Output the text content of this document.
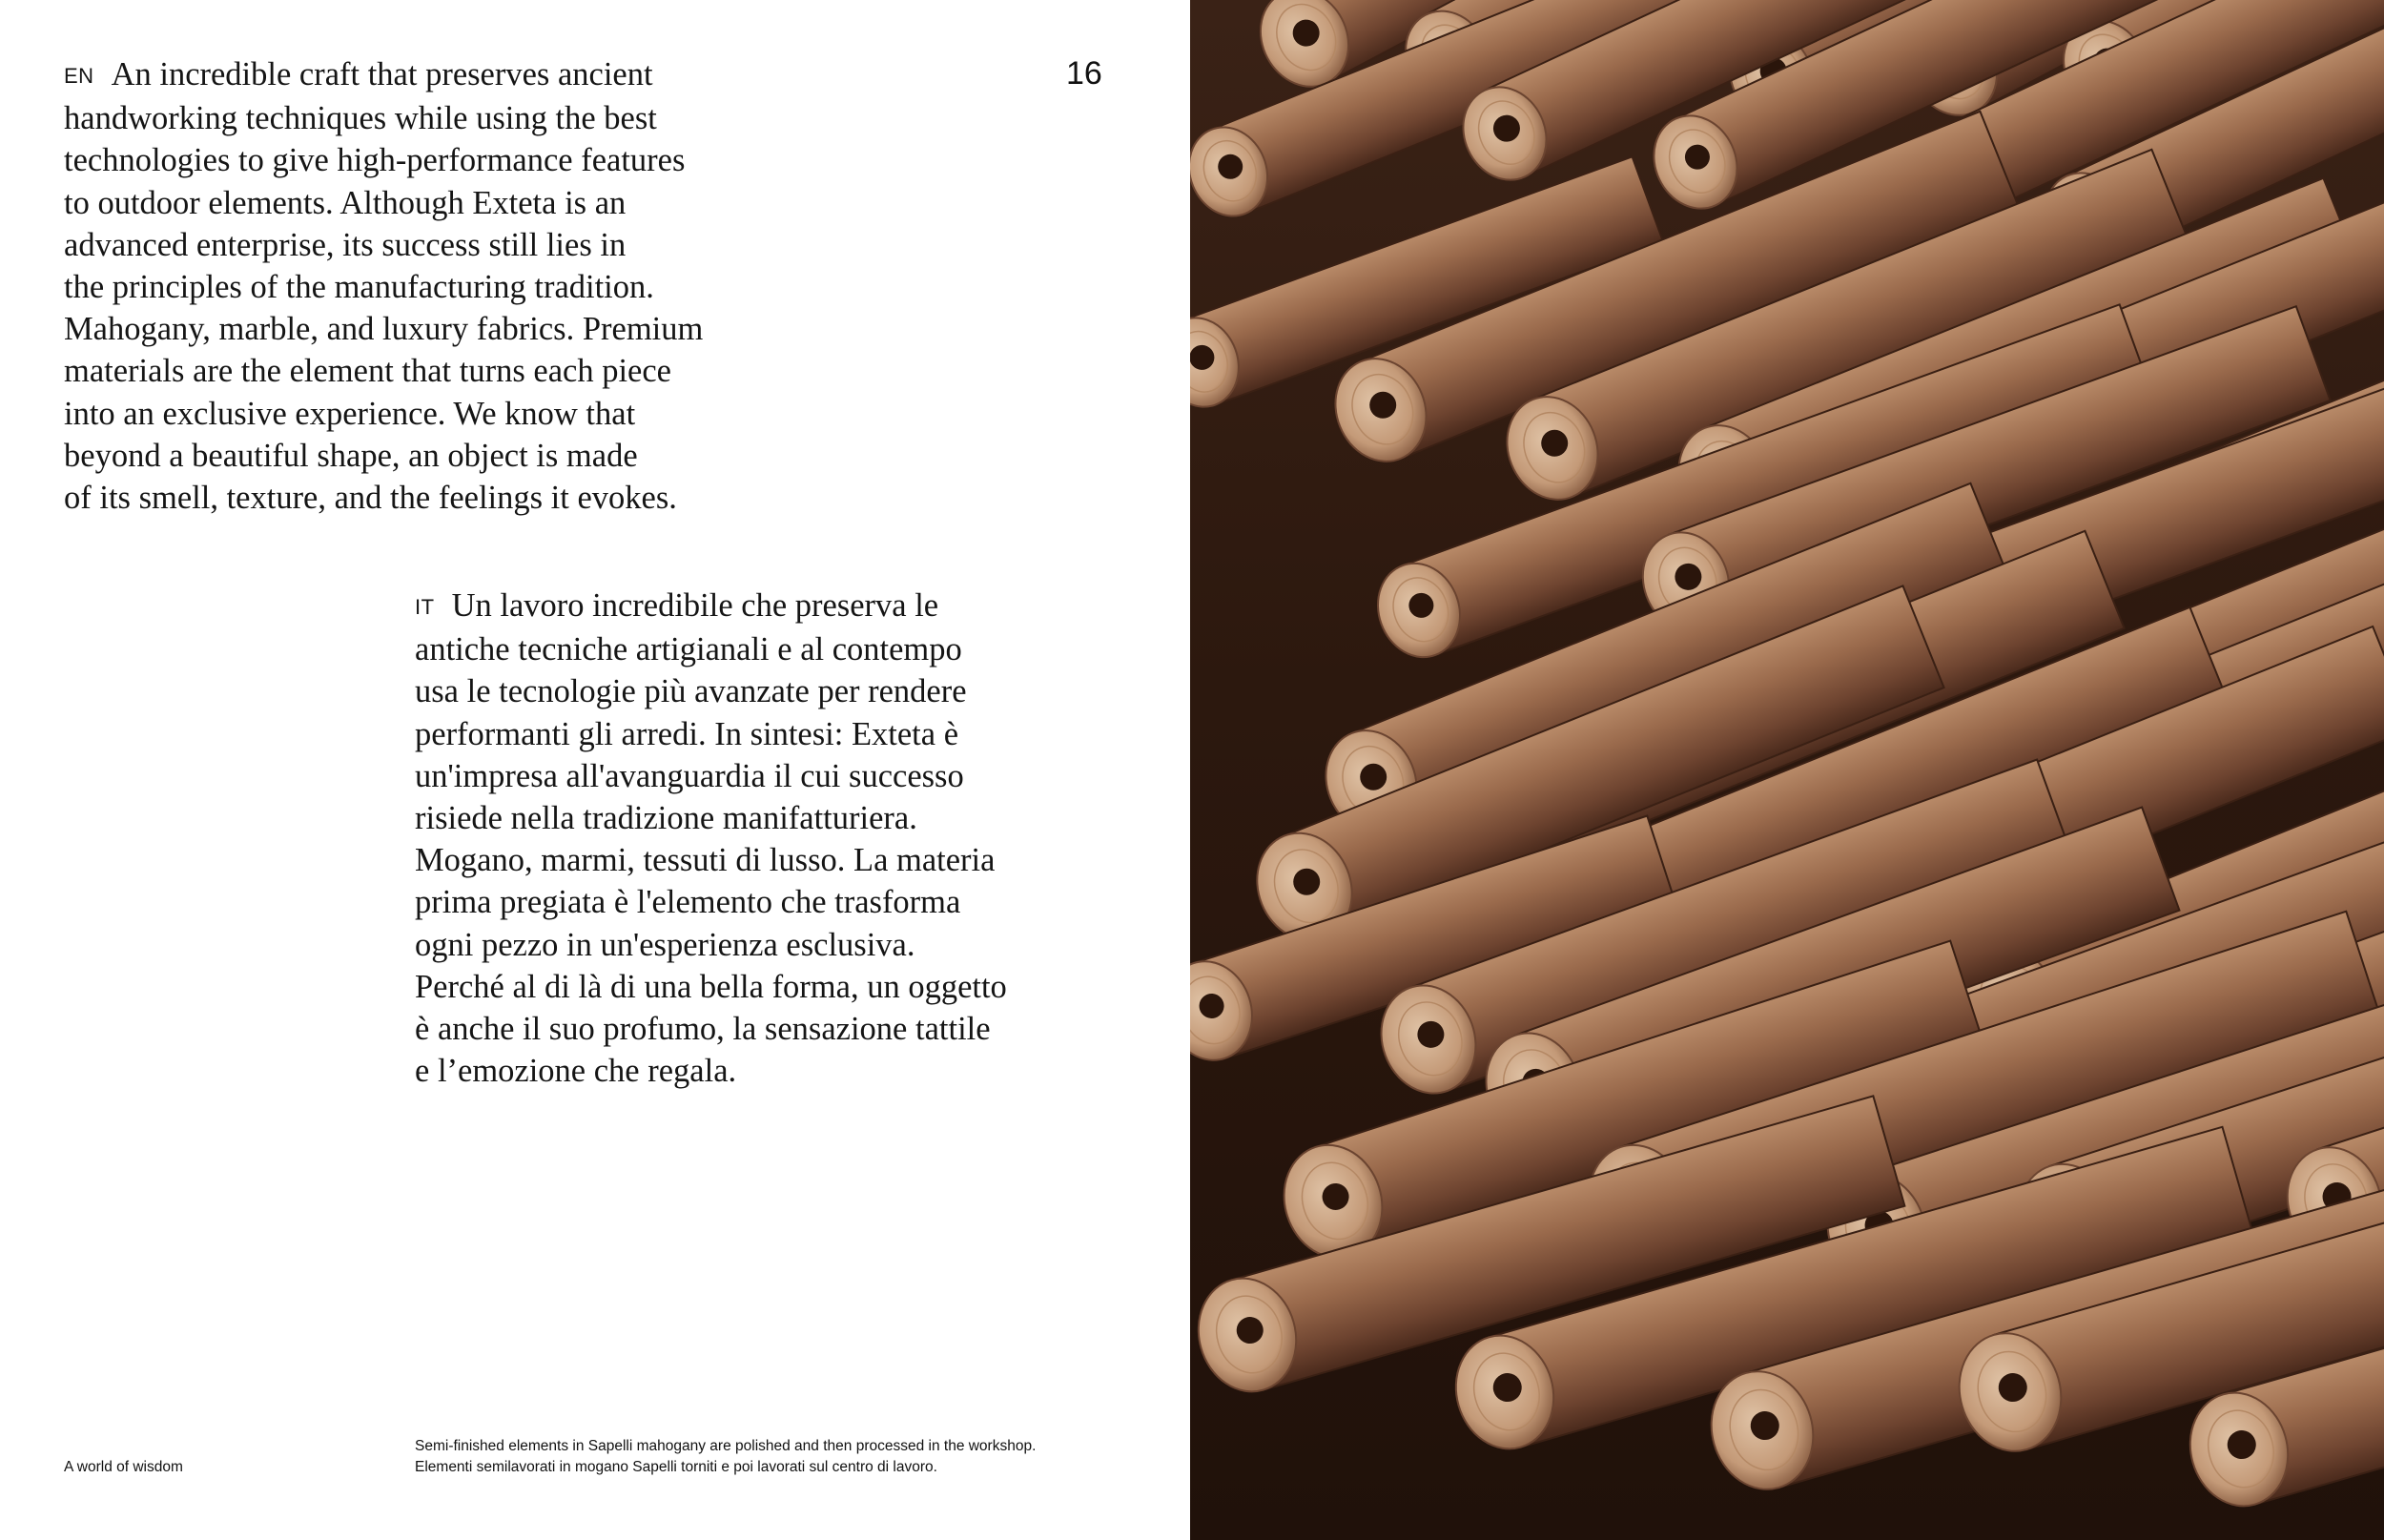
16
EN An incredible craft that preserves ancient
handworking techniques while using the best
technologies to give high-performance features
to outdoor elements. Although Exteta is an
advanced enterprise, its success still lies in
the principles of the manufacturing tradition.
Mahogany, marble, and luxury fabrics. Premium
materials are the element that turns each piece
into an exclusive experience. We know that
beyond a beautiful shape, an object is made
of its smell, texture, and the feelings it evokes.
IT Un lavoro incredibile che preserva le
antiche tecniche artigianali e al contempo
usa le tecnologie più avanzate per rendere
performanti gli arredi. In sintesi: Exteta è
un'impresa all'avanguardia il cui successo
risiede nella tradizione manifatturiera.
Mogano, marmi, tessuti di lusso. La materia
prima pregiata è l'elemento che trasforma
ogni pezzo in un'esperienza esclusiva.
Perché al di là di una bella forma, un oggetto
è anche il suo profumo, la sensazione tattile
e l’emozione che regala.
A world of wisdom
Semi-finished elements in Sapelli mahogany are polished and then processed in the workshop.
Elementi semilavorati in mogano Sapelli torniti e poi lavorati sul centro di lavoro.
